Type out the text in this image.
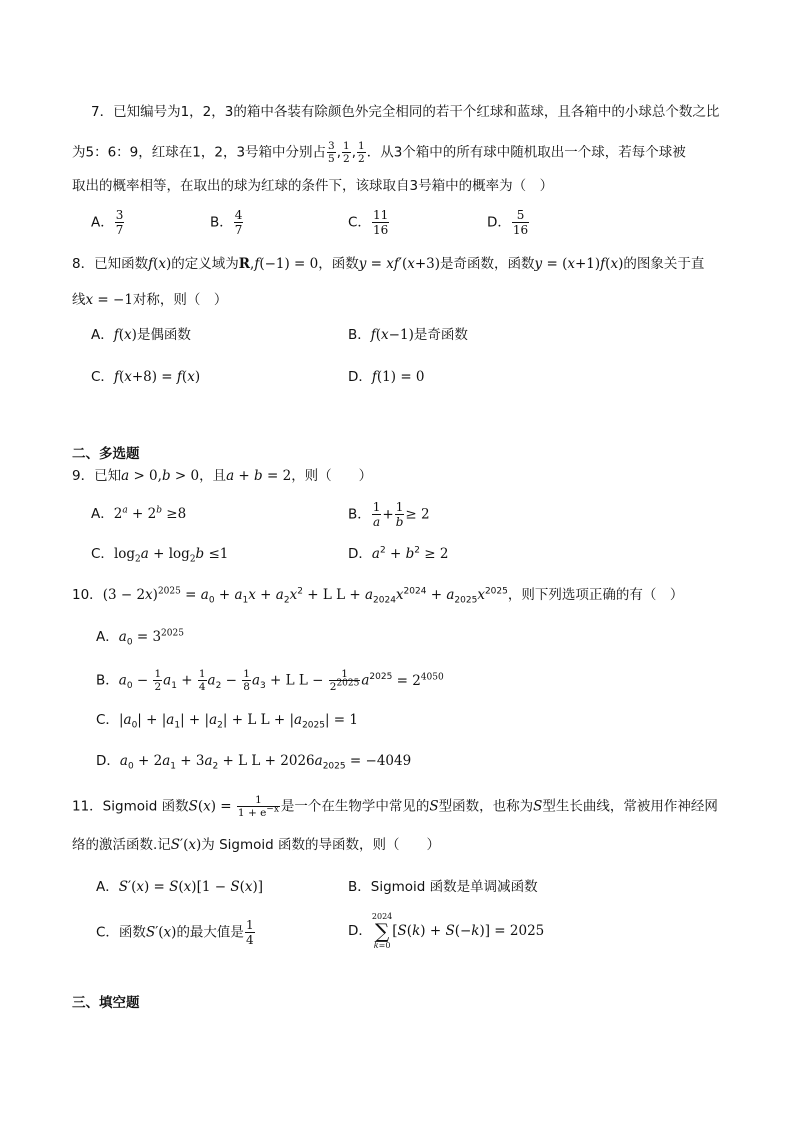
7．已知编号为1，2，3的箱中各装有除颜色外完全相同的若干个红球和蓝球，且各箱中的小球总个数之比
为5：6：9，红球在1，2，3号箱中分别占 $\frac{3}{5}$ , $\frac{1}{2}$ , $\frac{1}{2}$ ．从3个箱中的所有球中随机取出一个球，若每个球被
取出的概率相等，在取出的球为红球的条件下，该球取自3号箱中的概率为（　）
A． $\frac{3}{7}$	B． $\frac{4}{7}$	C． $\frac{11}{16}$	D． $\frac{5}{16}$
8．已知函数f(x)的定义域为R,f(−1) = 0，函数y = xf′(x+3)是奇函数，函数y = (x+1)f(x)的图象关于直
线x = −1对称，则（　）
A．f(x)是偶函数	B．f(x−1)是奇函数
C．f(x+8) = f(x)	D．f(1) = 0
二、多选题
9．已知a > 0,b > 0，且a + b = 2，则（　　）
A．$2^a + 2^b \ge 8$	B． $\frac{1}{a} + \frac{1}{b} \ge 2$
C．$\log_2a + \log_2b \le 1$	D．$a^2 + b^2 \ge 2$
10．$(3 - 2x)^{2025} = a_0 + a_1x + a_2x^2 + L$ $L + a_{2024}x^{2024} + a_{2025}x^{2025}$，则下列选项正确的有（　）
A．$a_0 = 3^{2025}$
B．$a_0 - \frac{1}{2} a_1 + \frac{1}{4} a_2 - \frac{1}{8} a_3 + L$ $L - \frac{1}{2^{2025}} a^{2025} = 2^{4050}$
C．$|a_0| + |a_1| + |a_2| + L$ $L + |a_{2025}| = 1$
D．$a_0 + 2a_1 + 3a_2 + L$ $L + 2026a_{2025} = -4049$
11．Sigmoid 函数$S(x) = \frac{1}{1 + e^{-x}}$ 是一个在生物学中常见的S型函数，也称为S型生长曲线，常被用作神经网
络的激活函数.记S′(x)为 Sigmoid 函数的导函数，则（　　）
A．S′(x) = S(x)[1 − S(x)]	B．Sigmoid 函数是单调减函数
C．函数S′(x)的最大值是 $\frac{1}{4}$	D．
2024
∑
k=0
[S(k) + S(−k)] = 2025
三、填空题
